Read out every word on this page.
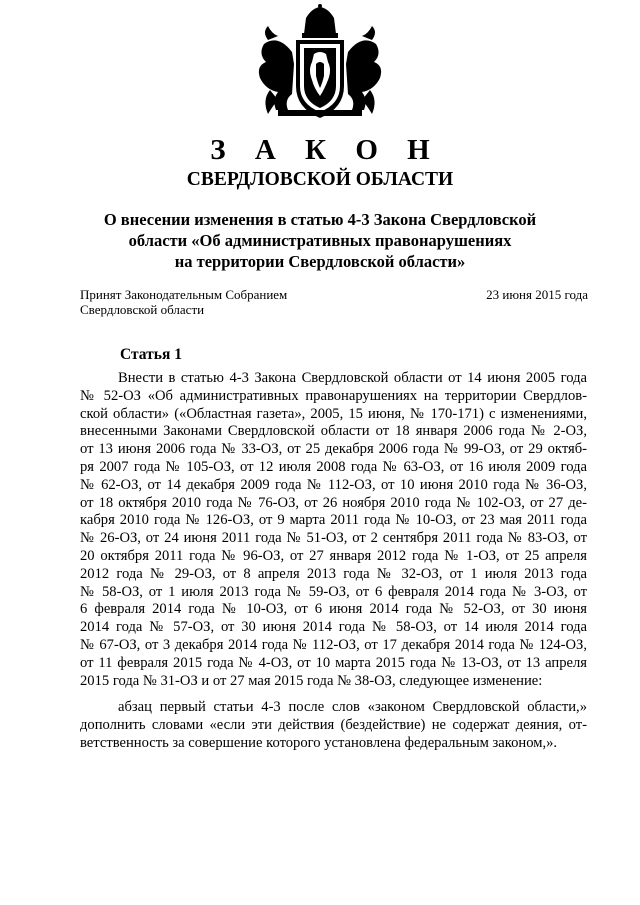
З А К О Н
СВЕРДЛОВСКОЙ ОБЛАСТИ
О внесении изменения в статью 4-3 Закона Свердловской
области «Об административных правонарушениях
на территории Свердловской области»
Принят Законодательным Собранием
Свердловской области
23 июня 2015 года
Статья 1
Внести в статью 4-3 Закона Свердловской области от 14 июня 2005 года
№ 52-ОЗ «Об административных правонарушениях на территории Свердлов-
ской области» («Областная газета», 2005, 15 июня, № 170-171) с изменениями,
внесенными Законами Свердловской области от 18 января 2006 года № 2-ОЗ,
от 13 июня 2006 года № 33-ОЗ, от 25 декабря 2006 года № 99-ОЗ, от 29 октяб-
ря 2007 года № 105-ОЗ, от 12 июля 2008 года № 63-ОЗ, от 16 июля 2009 года
№ 62-ОЗ, от 14 декабря 2009 года № 112-ОЗ, от 10 июня 2010 года № 36-ОЗ,
от 18 октября 2010 года № 76-ОЗ, от 26 ноября 2010 года № 102-ОЗ, от 27 де-
кабря 2010 года № 126-ОЗ, от 9 марта 2011 года № 10-ОЗ, от 23 мая 2011 года
№ 26-ОЗ, от 24 июня 2011 года № 51-ОЗ, от 2 сентября 2011 года № 83-ОЗ, от
20 октября 2011 года № 96-ОЗ, от 27 января 2012 года № 1-ОЗ, от 25 апреля
2012 года № 29-ОЗ, от 8 апреля 2013 года № 32-ОЗ, от 1 июля 2013 года
№ 58-ОЗ, от 1 июля 2013 года № 59-ОЗ, от 6 февраля 2014 года № 3-ОЗ, от
6 февраля 2014 года № 10-ОЗ, от 6 июня 2014 года № 52-ОЗ, от 30 июня
2014 года № 57-ОЗ, от 30 июня 2014 года № 58-ОЗ, от 14 июля 2014 года
№ 67-ОЗ, от 3 декабря 2014 года № 112-ОЗ, от 17 декабря 2014 года № 124-ОЗ,
от 11 февраля 2015 года № 4-ОЗ, от 10 марта 2015 года № 13-ОЗ, от 13 апреля
2015 года № 31-ОЗ и от 27 мая 2015 года № 38-ОЗ, следующее изменение:
абзац первый статьи 4-3 после слов «законом Свердловской области,»
дополнить словами «если эти действия (бездействие) не содержат деяния, от-
ветственность за совершение которого установлена федеральным законом,».
